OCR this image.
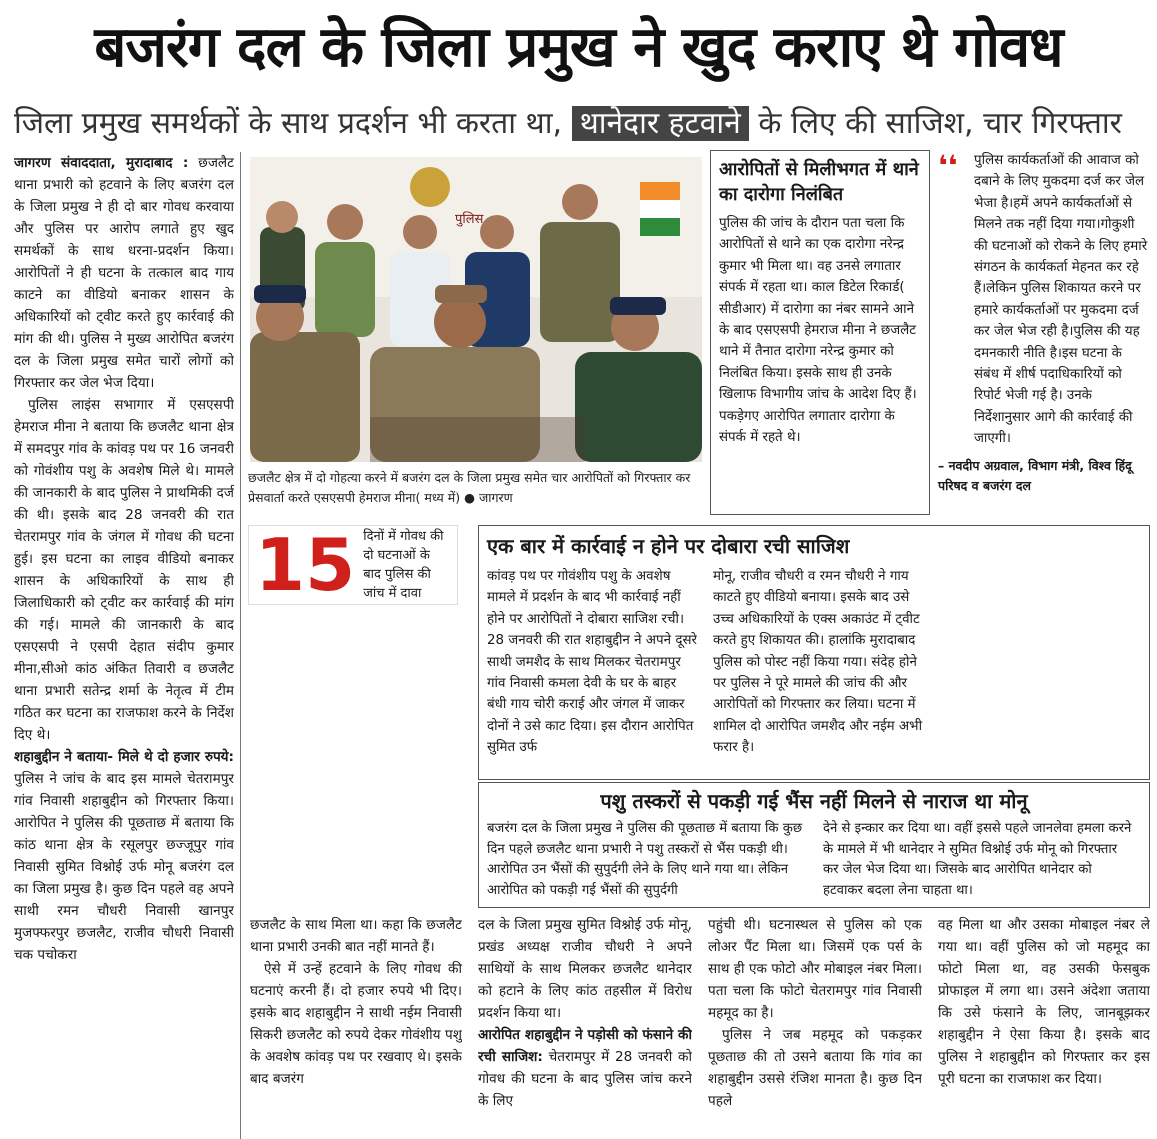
बजरंग दल के जिला प्रमुख ने खुद कराए थे गोवध
जिला प्रमुख समर्थकों के साथ प्रदर्शन भी करता था, थानेदार हटवाने के लिए की साजिश, चार गिरफ्तार

जागरण संवाददाता, मुरादाबाद : छजलैट थाना प्रभारी को हटवाने के लिए बजरंग दल के जिला प्रमुख ने ही दो बार गोवध करवाया और पुलिस पर आरोप लगाते हुए खुद समर्थकों के साथ धरना-प्रदर्शन किया। आरोपितों ने ही घटना के तत्काल बाद गाय काटने का वीडियो बनाकर शासन के अधिकारियों को ट्वीट करते हुए कार्रवाई की मांग की थी। पुलिस ने मुख्य आरोपित बजरंग दल के जिला प्रमुख समेत चारों लोगों को गिरफ्तार कर जेल भेज दिया।

पुलिस लाइंस सभागार में एसएसपी हेमराज मीना ने बताया कि छजलैट थाना क्षेत्र में समदपुर गांव के कांवड़ पथ पर 16 जनवरी को गोवंशीय पशु के अवशेष मिले थे। मामले की जानकारी के बाद पुलिस ने प्राथमिकी दर्ज की थी। इसके बाद 28 जनवरी की रात चेतरामपुर गांव के जंगल में गोवध की घटना हुई। इस घटना का लाइव वीडियो बनाकर शासन के अधिकारियों के साथ ही जिलाधिकारी को ट्वीट कर कार्रवाई की मांग की गई। मामले की जानकारी के बाद एसएसपी ने एसपी देहात संदीप कुमार मीना,सीओ कांठ अंकित तिवारी व छजलैट थाना प्रभारी सतेन्द्र शर्मा के नेतृत्व में टीम गठित कर घटना का राजफाश करने के निर्देश दिए थे।

शहाबुद्दीन ने बताया- मिले थे दो हजार रुपये: पुलिस ने जांच के बाद इस मामले चेतरामपुर गांव निवासी शहाबुद्दीन को गिरफ्तार किया। आरोपित ने पुलिस की पूछताछ में बताया कि कांठ थाना क्षेत्र के रसूलपुर छज्जूपुर गांव निवासी सुमित विश्नोई उर्फ मोनू बजरंग दल का जिला प्रमुख है। कुछ दिन पहले वह अपने साथी रमन चौधरी निवासी खानपुर मुजफ्फरपुर छजलैट, राजीव चौधरी निवासी चक पचोकरा

पुलिस
छजलैट क्षेत्र में दो गोहत्या करने में बजरंग दल के जिला प्रमुख समेत चार आरोपितों को गिरफ्तार कर प्रेसवार्ता करते एसएसपी हेमराज मीना( मध्य में) ● जागरण
आरोपितों से मिलीभगत में थाने का दारोगा निलंबित
पुलिस की जांच के दौरान पता चला कि आरोपितों से थाने का एक दारोगा नरेन्द्र कुमार भी मिला था। वह उनसे लगातार संपर्क में रहता था। काल डिटेल रिकार्ड( सीडीआर) में दारोगा का नंबर सामने आने के बाद एसएसपी हेमराज मीना ने छजलैट थाने में तैनात दारोगा नरेन्द्र कुमार को निलंबित किया। इसके साथ ही उनके खिलाफ विभागीय जांच के आदेश दिए हैं। पकड़ेगए आरोपित लगातार दारोगा के संपर्क में रहते थे।
❛❛ पुलिस कार्यकर्ताओं की आवाज को दबाने के लिए मुकदमा दर्ज कर जेल भेजा है।हमें अपने कार्यकर्ताओं से मिलने तक नहीं दिया गया।गोकुशी की घटनाओं को रोकने के लिए हमारे संगठन के कार्यकर्ता मेहनत कर रहे हैं।लेकिन पुलिस शिकायत करने पर हमारे कार्यकर्ताओं पर मुकदमा दर्ज कर जेल भेज रही है।पुलिस की यह दमनकारी नीति है।इस घटना के संबंध में शीर्ष पदाधिकारियों को रिपोर्ट भेजी गई है। उनके निर्देशानुसार आगे की कार्रवाई की जाएगी।
– नवदीप अग्रवाल, विभाग मंत्री, विश्व हिंदू परिषद व बजरंग दल
15 दिनों में गोवध की दो घटनाओं के बाद पुलिस की जांच में दावा
एक बार में कार्रवाई न होने पर दोबारा रची साजिश
कांवड़ पथ पर गोवंशीय पशु के अवशेष मामले में प्रदर्शन के बाद भी कार्रवाई नहीं होने पर आरोपितों ने दोबारा साजिश रची। 28 जनवरी की रात शहाबुद्दीन ने अपने दूसरे साथी जमशैद के साथ मिलकर चेतरामपुर गांव निवासी कमला देवी के घर के बाहर बंधी गाय चोरी कराई और जंगल में जाकर दोनों ने उसे काट दिया। इस दौरान आरोपित सुमित उर्फ
मोनू, राजीव चौधरी व रमन चौधरी ने गाय काटते हुए वीडियो बनाया। इसके बाद उसे उच्च अधिकारियों के एक्स अकाउंट में ट्वीट करते हुए शिकायत की। हालांकि मुरादाबाद पुलिस को पोस्ट नहीं किया गया। संदेह होने पर पुलिस ने पूरे मामले की जांच की और आरोपितों को गिरफ्तार कर लिया। घटना में शामिल दो आरोपित जमशैद और नईम अभी फरार है।
पशु तस्करों से पकड़ी गई भैंस नहीं मिलने से नाराज था मोनू
बजरंग दल के जिला प्रमुख ने पुलिस की पूछताछ में बताया कि कुछ दिन पहले छजलैट थाना प्रभारी ने पशु तस्करों से भैंस पकड़ी थी। आरोपित उन भैंसों की सुपुर्दगी लेने के लिए थाने गया था। लेकिन आरोपित को पकड़ी गई भैंसों की सुपुर्दगी
देने से इन्कार कर दिया था। वहीं इससे पहले जानलेवा हमला करने के मामले में भी थानेदार ने सुमित विश्नोई उर्फ मोनू को गिरफ्तार कर जेल भेज दिया था। जिसके बाद आरोपित थानेदार को हटवाकर बदला लेना चाहता था।

छजलैट के साथ मिला था। कहा कि छजलैट थाना प्रभारी उनकी बात नहीं मानते हैं।

ऐसे में उन्हें हटवाने के लिए गोवध की घटनाएं करनी हैं। दो हजार रुपये भी दिए। इसके बाद शहाबुद्दीन ने साथी नईम निवासी सिकरी छजलैट को रुपये देकर गोवंशीय पशु के अवशेष कांवड़ पथ पर रखवाए थे। इसके बाद बजरंग

दल के जिला प्रमुख सुमित विश्नोई उर्फ मोनू, प्रखंड अध्यक्ष राजीव चौधरी ने अपने साथियों के साथ मिलकर छजलैट थानेदार को हटाने के लिए कांठ तहसील में विरोध प्रदर्शन किया था।

आरोपित शहाबुद्दीन ने पड़ोसी को फंसाने की रची साजिश: चेतरामपुर में 28 जनवरी को गोवध की घटना के बाद पुलिस जांच करने के लिए

पहुंची थी। घटनास्थल से पुलिस को एक लोअर पैंट मिला था। जिसमें एक पर्स के साथ ही एक फोटो और मोबाइल नंबर मिला। पता चला कि फोटो चेतरामपुर गांव निवासी महमूद का है।

पुलिस ने जब महमूद को पकड़कर पूछताछ की तो उसने बताया कि गांव का शहाबुद्दीन उससे रंजिश मानता है। कुछ दिन पहले

वह मिला था और उसका मोबाइल नंबर ले गया था। वहीं पुलिस को जो महमूद का फोटो मिला था, वह उसकी फेसबुक प्रोफाइल में लगा था। उसने अंदेशा जताया कि उसे फंसाने के लिए, जानबूझकर शहाबुद्दीन ने ऐसा किया है। इसके बाद पुलिस ने शहाबुद्दीन को गिरफ्तार कर इस पूरी घटना का राजफाश कर दिया।
